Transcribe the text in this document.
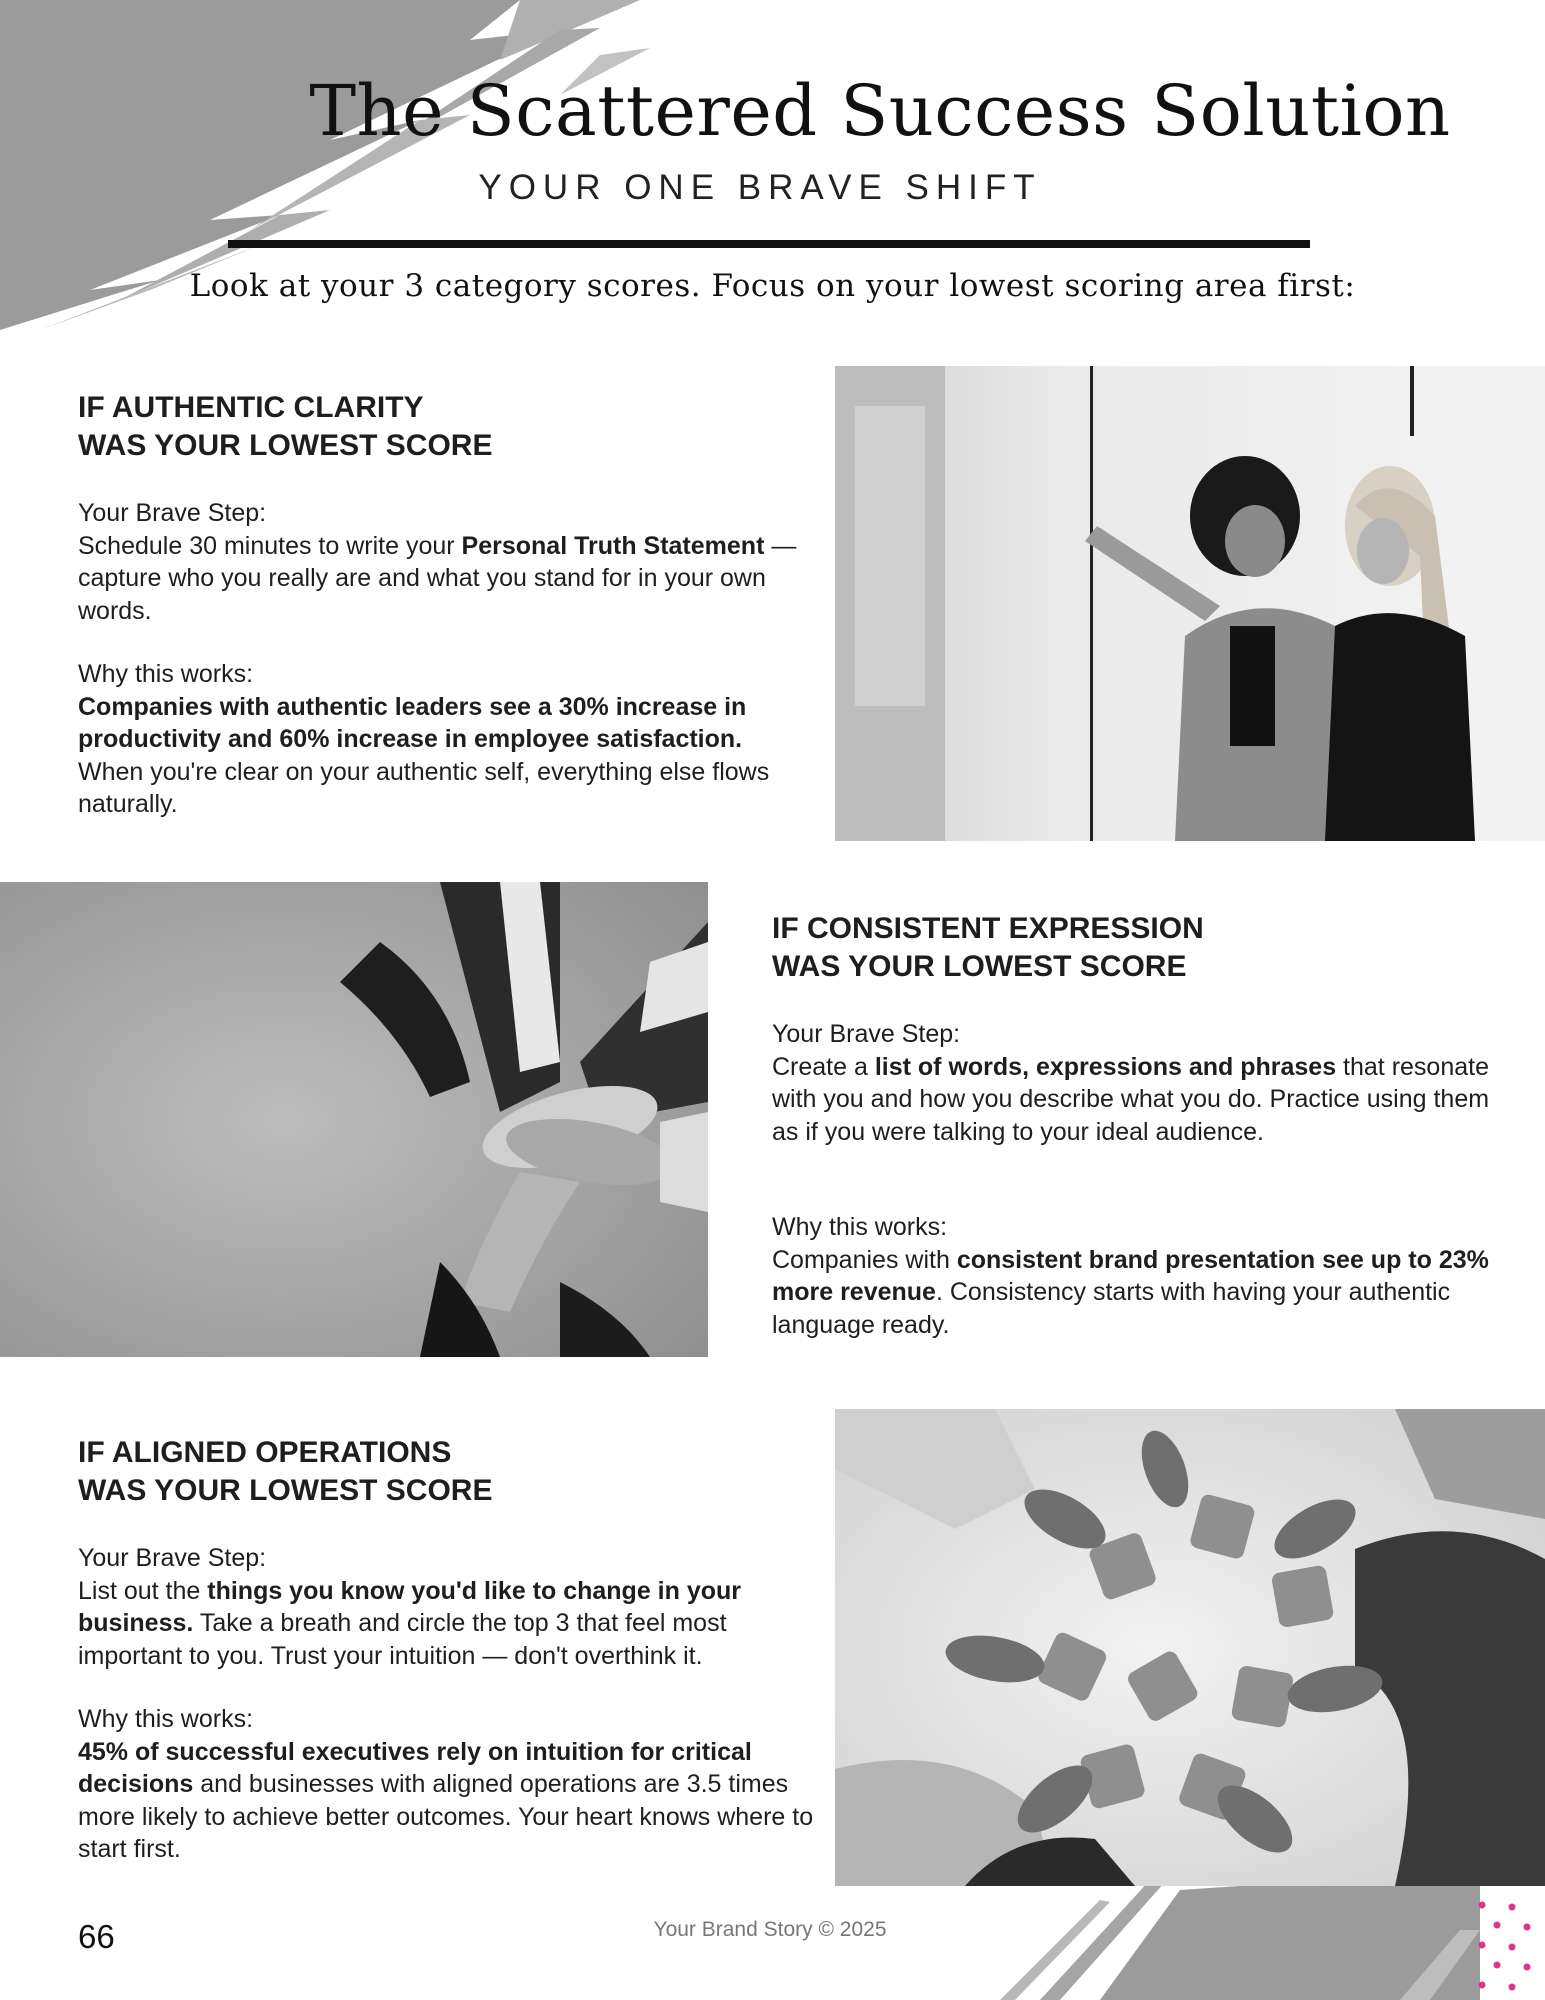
The Scattered Success Solution
YOUR ONE BRAVE SHIFT
Look at your 3 category scores. Focus on your lowest scoring area first:
IF AUTHENTIC CLARITY
WAS YOUR LOWEST SCORE

Your Brave Step:
Schedule 30 minutes to write your Personal Truth Statement — capture who you really are and what you stand for in your own words.

Why this works:
Companies with authentic leaders see a 30% increase in productivity and 60% increase in employee satisfaction. When you're clear on your authentic self, everything else flows naturally.

IF CONSISTENT EXPRESSION
WAS YOUR LOWEST SCORE

Your Brave Step:
Create a list of words, expressions and phrases that resonate with you and how you describe what you do. Practice using them as if you were talking to your ideal audience.

Why this works:
Companies with consistent brand presentation see up to 23% more revenue. Consistency starts with having your authentic language ready.

IF ALIGNED OPERATIONS
WAS YOUR LOWEST SCORE

Your Brave Step:
List out the things you know you'd like to change in your business. Take a breath and circle the top 3 that feel most important to you. Trust your intuition — don't overthink it.

Why this works:
45% of successful executives rely on intuition for critical decisions and businesses with aligned operations are 3.5 times more likely to achieve better outcomes. Your heart knows where to start first.

66	Your Brand Story © 2025
